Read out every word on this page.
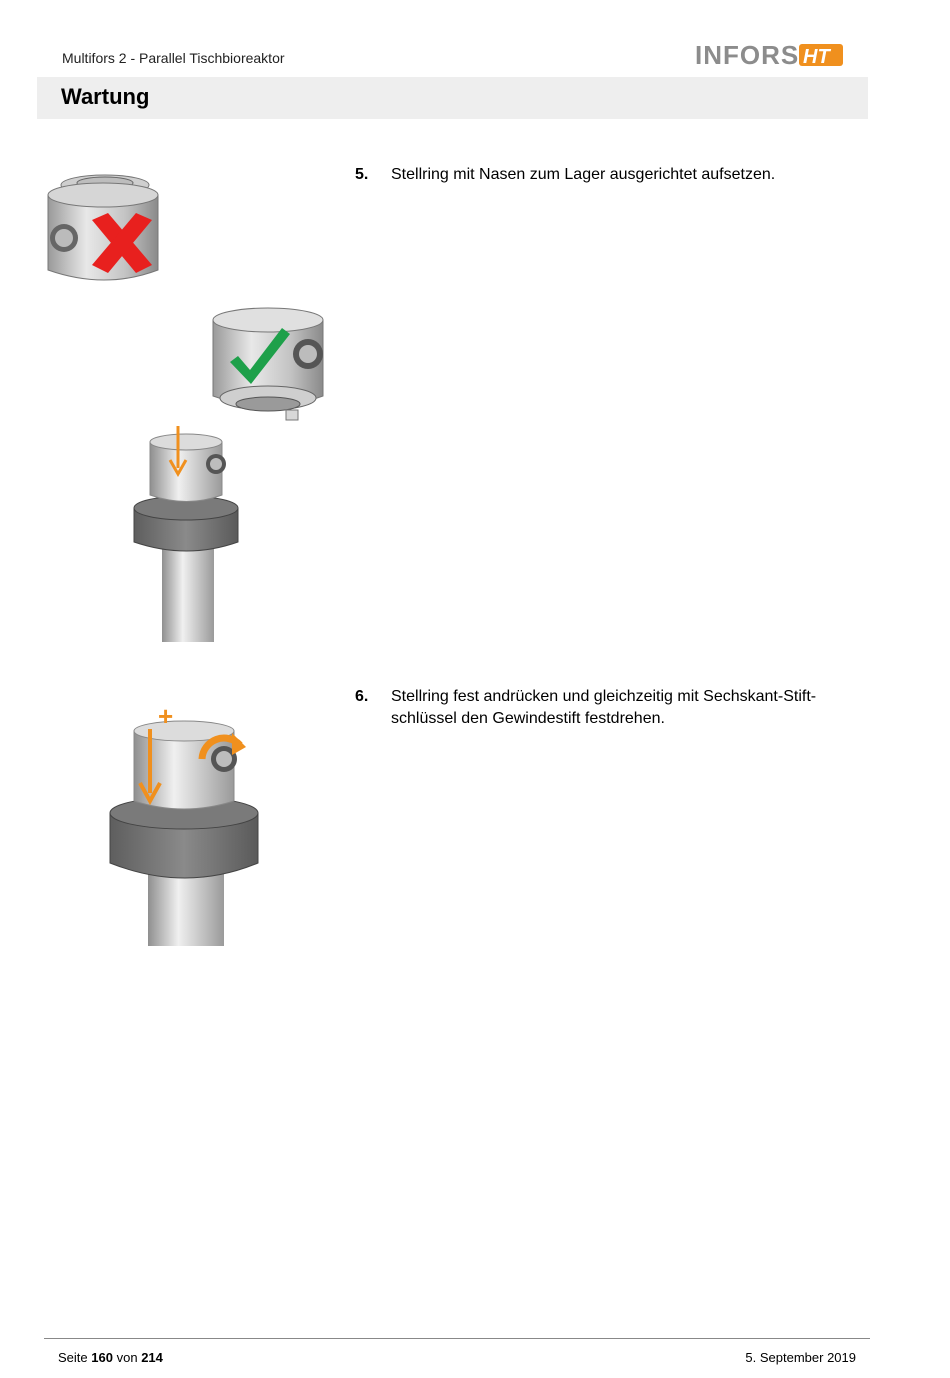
Multifors 2 - Parallel Tischbioreaktor	INFORS HT
Wartung
5. Stellring mit Nasen zum Lager ausgerichtet aufsetzen.
6. Stellring fest andrücken und gleichzeitig mit Sechskant-Stiftschlüssel den Gewindestift festdrehen.
+
Seite 160 von 214	5. September 2019
